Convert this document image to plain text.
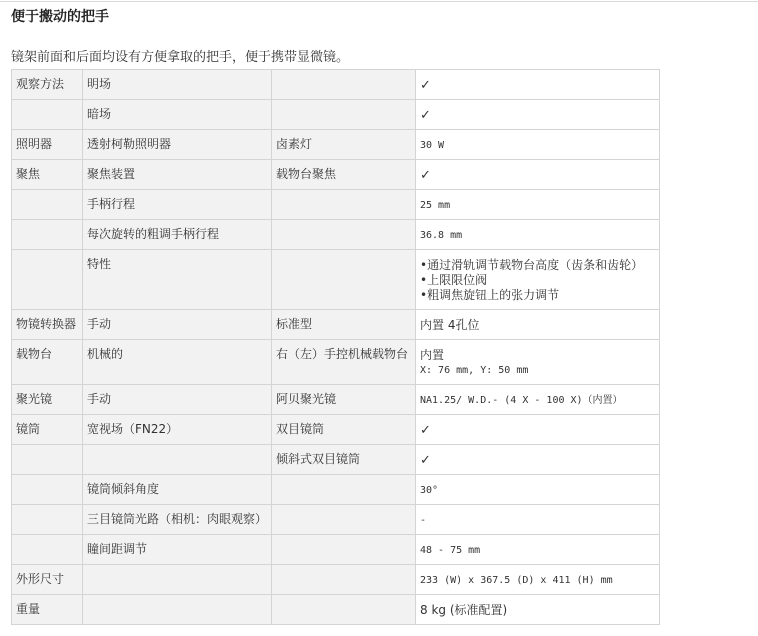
便于搬动的把手

镜架前面和后面均设有方便拿取的把手，便于携带显微镜。

观察方法	明场		✓
	暗场		✓
照明器	透射柯勒照明器	卤素灯	30 W
聚焦	聚焦装置	载物台聚焦	✓
	手柄行程		25 mm
	每次旋转的粗调手柄行程		36.8 mm
	特性		•通过滑轨调节载物台高度（齿条和齿轮）
•上限限位阀
•粗调焦旋钮上的张力调节

物镜转换器	手动	标准型	内置 4孔位
载物台	机械的	右（左）手控机械载物台	内置
X: 76 mm, Y: 50 mm

聚光镜	手动	阿贝聚光镜	NA1.25/ W.D.- (4 X - 100 X)（内置）
镜筒	宽视场（FN22）	双目镜筒	✓
		倾斜式双目镜筒	✓
	镜筒倾斜角度		30°
	三目镜筒光路（相机：肉眼观察）		-
	瞳间距调节		48 - 75 mm
外形尺寸			233 (W) x 367.5 (D) x 411 (H) mm
重量			8 kg (标准配置)
